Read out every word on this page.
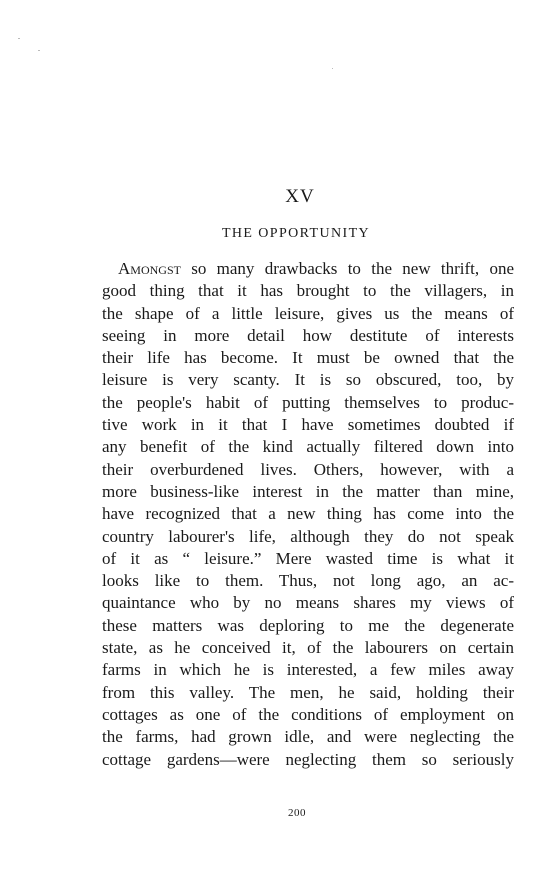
XV
THE OPPORTUNITY
Amongst so many drawbacks to the new thrift, one
good thing that it has brought to the villagers, in
the shape of a little leisure, gives us the means of
seeing in more detail how destitute of interests
their life has become. It must be owned that the
leisure is very scanty. It is so obscured, too, by
the people's habit of putting themselves to produc-
tive work in it that I have sometimes doubted if
any benefit of the kind actually filtered down into
their overburdened lives. Others, however, with a
more business-like interest in the matter than mine,
have recognized that a new thing has come into the
country labourer's life, although they do not speak
of it as “ leisure.” Mere wasted time is what it
looks like to them. Thus, not long ago, an ac-
quaintance who by no means shares my views of
these matters was deploring to me the degenerate
state, as he conceived it, of the labourers on certain
farms in which he is interested, a few miles away
from this valley. The men, he said, holding their
cottages as one of the conditions of employment on
the farms, had grown idle, and were neglecting the
cottage gardens—were neglecting them so seriously
200
